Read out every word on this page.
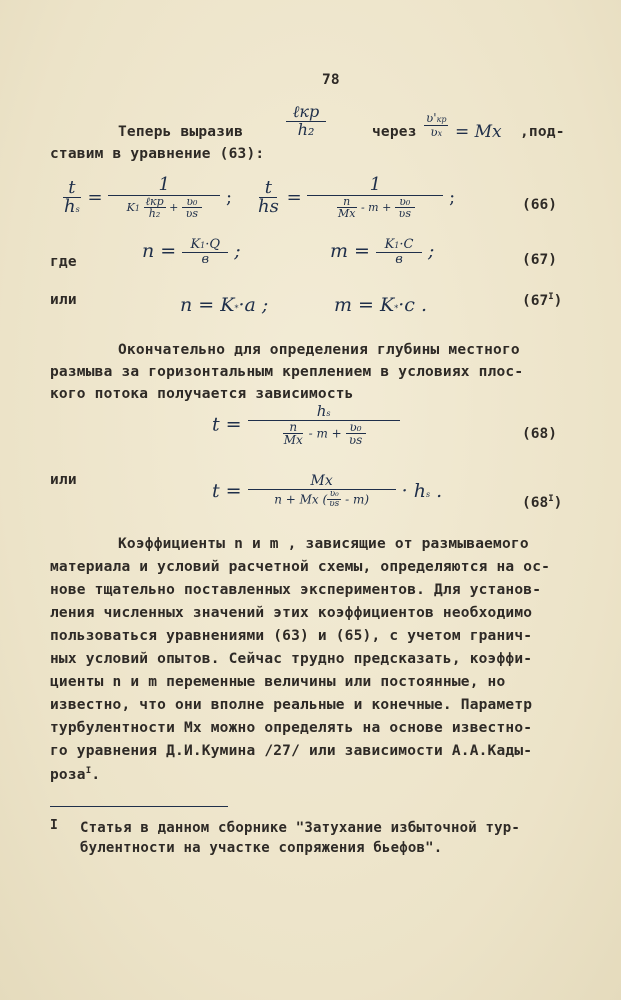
78
Теперь выразив	$\frac{\text{ℓкр}}{\text{h₂}}$	через $\frac{\text{ʋ'кр}}{\text{ʋx}} = Mx$ ,под-
ставим в уравнение (63):
$\frac{t}{hs} = \frac{1}{K1 \frac{\text{ℓкр}}{\text{h₂}} + \frac{\text{ʋ₀}}{\text{ʋs}}}$ ; $\frac{t}{hs} = \frac{1}{\frac{n}{Mx} - m + \frac{\text{ʋ₀}}{\text{ʋs}}}$ ;	(66)
где	$n = \frac{K1\cdot Q}{в}$ ;	$m = \frac{K1\cdot C}{в}$ ;	(67)
или	n = K*·a ;	m = K*·c .	$(67^I)$
Окончательно для определения глубины местного
размыва за горизонтальным креплением в условиях плос-
кого потока получается зависимость
$t = \frac{hs}{\frac{n}{Mx} - m + \frac{\text{ʋ₀}}{\text{ʋs}}}$	(68)
или	$t = \frac{Mx}{n + Mx ( \frac{\text{ʋ₀}}{\text{ʋs}} - m)}$ · hs .
$(68^I)$
Коэффициенты n и m , зависящие от размываемого
материала и условий расчетной схемы, определяются на ос-
нове тщательно поставленных экспериментов. Для установ-
ления численных значений этих коэффициентов необходимо
пользоваться уравнениями (63) и (65), с учетом гранич-
ных условий опытов. Сейчас трудно предсказать, коэффи-
циенты n и m переменные величины или постоянные, но
известно, что они вполне реальные и конечные. Параметр
турбулентности Mx можно определять на основе известно-
го уравнения Д.И.Кумина /27/ или зависимости А.А.Кады-
роза$^I$.
I Статья в данном сборнике "Затухание избыточной тур-
булентности на участке сопряжения бьефов".
